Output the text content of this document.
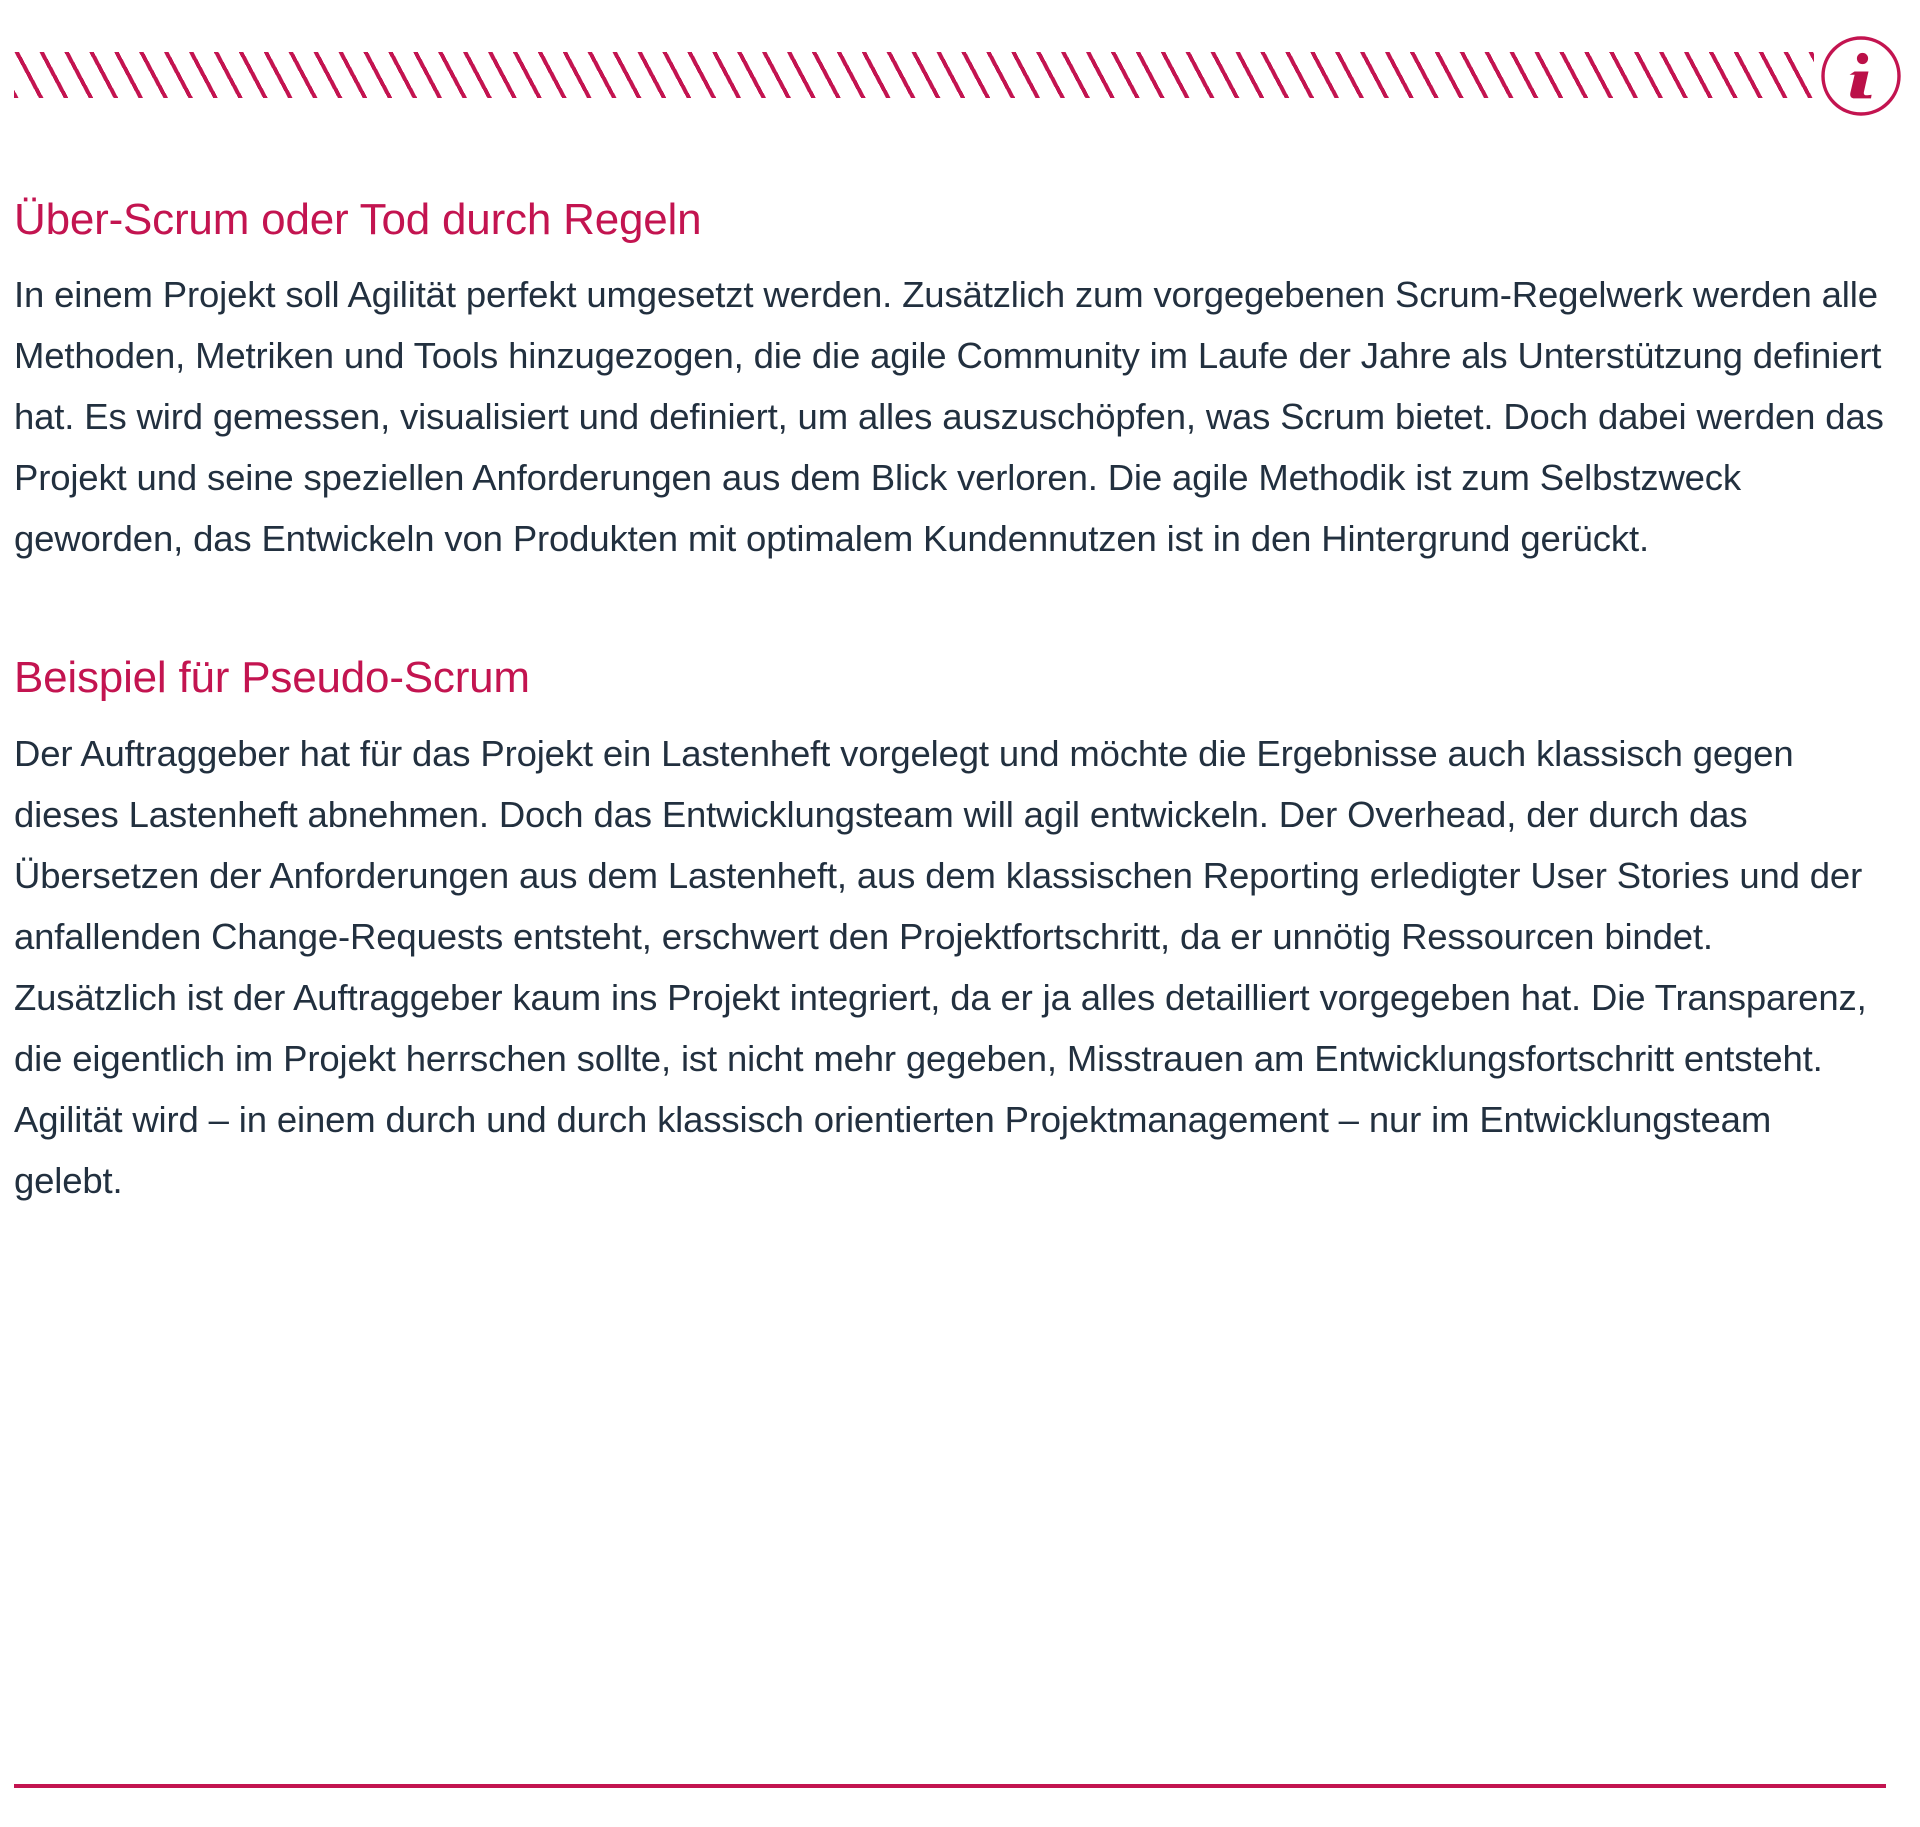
Über-Scrum oder Tod durch Regeln

In einem Projekt soll Agilität perfekt umgesetzt werden. Zusätzlich zum vorgegebenen Scrum-Regelwerk werden alle Methoden, Metriken und Tools hinzugezogen, die die agile Community im Laufe der Jahre als Unterstützung definiert hat. Es wird gemessen, visualisiert und definiert, um alles auszuschöpfen, was Scrum bietet. Doch dabei werden das Projekt und seine speziellen Anforderungen aus dem Blick verloren. Die agile Methodik ist zum Selbstzweck geworden, das Entwickeln von Produkten mit optimalem Kundennutzen ist in den Hintergrund gerückt.

Beispiel für Pseudo-Scrum

Der Auftraggeber hat für das Projekt ein Lastenheft vorgelegt und möchte die Ergebnisse auch klassisch gegen dieses Lastenheft abnehmen. Doch das Entwicklungsteam will agil entwickeln. Der Overhead, der durch das Übersetzen der Anforderungen aus dem Lastenheft, aus dem klassischen Reporting erledigter User Stories und der anfallenden Change-Requests entsteht, erschwert den Projektfortschritt, da er unnötig Ressourcen bindet. Zusätzlich ist der Auftraggeber kaum ins Projekt integriert, da er ja alles detailliert vorgegeben hat. Die Transparenz, die eigentlich im Projekt herrschen sollte, ist nicht mehr gegeben, Misstrauen am Entwicklungsfortschritt entsteht. Agilität wird – in einem durch und durch klassisch orientierten Projektmanagement – nur im Entwicklungsteam gelebt.
